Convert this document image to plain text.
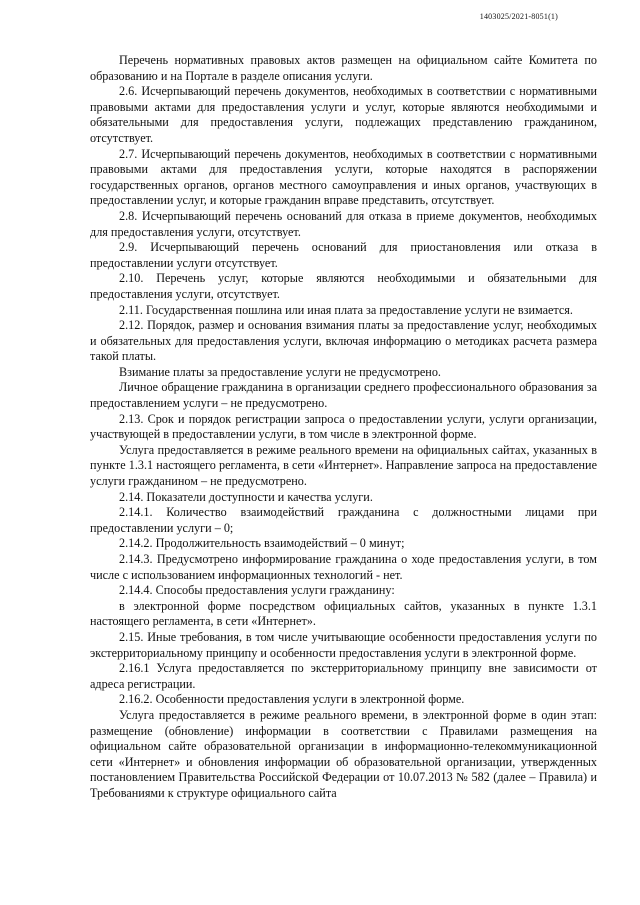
1403025/2021-8051(1)

Перечень нормативных правовых актов размещен на официальном сайте Комитета по образованию и на Портале в разделе описания услуги.

2.6. Исчерпывающий перечень документов, необходимых в соответствии с нормативными правовыми актами для предоставления услуги и услуг, которые являются необходимыми и обязательными для предоставления услуги, подлежащих представлению гражданином, отсутствует.

2.7. Исчерпывающий перечень документов, необходимых в соответствии с нормативными правовыми актами для предоставления услуги, которые находятся в распоряжении государственных органов, органов местного самоуправления и иных органов, участвующих в предоставлении услуг, и которые гражданин вправе представить, отсутствует.

2.8. Исчерпывающий перечень оснований для отказа в приеме документов, необходимых для предоставления услуги, отсутствует.

2.9. Исчерпывающий перечень оснований для приостановления или отказа в предоставлении услуги отсутствует.

2.10. Перечень услуг, которые являются необходимыми и обязательными для предоставления услуги, отсутствует.

2.11. Государственная пошлина или иная плата за предоставление услуги не взимается.

2.12. Порядок, размер и основания взимания платы за предоставление услуг, необходимых и обязательных для предоставления услуги, включая информацию о методиках расчета размера такой платы.

Взимание платы за предоставление услуги не предусмотрено.

Личное обращение гражданина в организации среднего профессионального образования за предоставлением услуги – не предусмотрено.

2.13. Срок и порядок регистрации запроса о предоставлении услуги, услуги организации, участвующей в предоставлении услуги, в том числе в электронной форме.

Услуга предоставляется в режиме реального времени на официальных сайтах, указанных в пункте 1.3.1 настоящего регламента, в сети «Интернет». Направление запроса на предоставление услуги гражданином – не предусмотрено.

2.14. Показатели доступности и качества услуги.

2.14.1. Количество взаимодействий гражданина с должностными лицами при предоставлении услуги – 0;

2.14.2. Продолжительность взаимодействий – 0 минут;

2.14.3. Предусмотрено информирование гражданина о ходе предоставления услуги, в том числе с использованием информационных технологий - нет.

2.14.4. Способы предоставления услуги гражданину:

в электронной форме посредством официальных сайтов, указанных в пункте 1.3.1 настоящего регламента, в сети «Интернет».

2.15. Иные требования, в том числе учитывающие особенности предоставления услуги по экстерриториальному принципу и особенности предоставления услуги в электронной форме.

2.16.1 Услуга предоставляется по экстерриториальному принципу вне зависимости от адреса регистрации.

2.16.2. Особенности предоставления услуги в электронной форме.

Услуга предоставляется в режиме реального времени, в электронной форме в один этап: размещение (обновление) информации в соответствии с Правилами размещения на официальном сайте образовательной организации в информационно-телекоммуникационной сети «Интернет» и обновления информации об образовательной организации, утвержденных постановлением Правительства Российской Федерации от 10.07.2013 № 582 (далее – Правила) и Требованиями к структуре официального сайта
